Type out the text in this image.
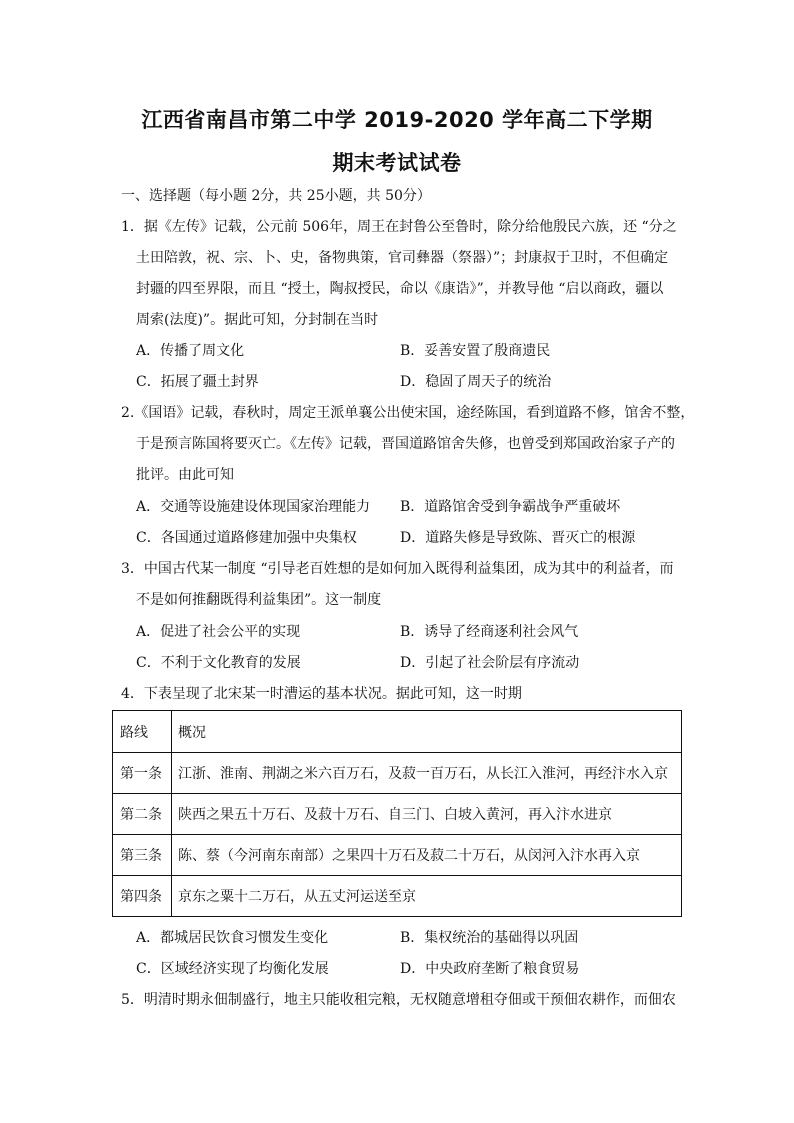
江西省南昌市第二中学 2019-2020 学年高二下学期
期末考试试卷
一、选择题（每小题 2分，共 25小题，共 50分）
1．据《左传》记载，公元前 506年，周王在封鲁公至鲁时，除分给他殷民六族，还 “分之
土田陪敦，祝、宗、卜、史，备物典策，官司彝器（祭器）”；封康叔于卫时，不但确定
封疆的四至界限，而且 “授土，陶叔授民，命以《康诰》”，并教导他 “启以商政，疆以
周索(法度)”。据此可知，分封制在当时
A．传播了周文化	B．妥善安置了殷商遗民
C．拓展了疆土封界	D．稳固了周天子的统治
2.《国语》记载，春秋时，周定王派单襄公出使宋国，途经陈国，看到道路不修，馆舍不整，
于是预言陈国将要灭亡。《左传》记载，晋国道路馆舍失修，也曾受到郑国政治家子产的
批评。由此可知
A．交通等设施建设体现国家治理能力 B．道路馆舍受到争霸战争严重破坏
C．各国通过道路修建加强中央集权	D．道路失修是导致陈、晋灭亡的根源
3．中国古代某一制度 “引导老百姓想的是如何加入既得利益集团，成为其中的利益者，而
不是如何推翻既得利益集团”。这一制度
A．促进了社会公平的实现	B．诱导了经商逐利社会风气
C．不利于文化教育的发展	D．引起了社会阶层有序流动
4．下表呈现了北宋某一时漕运的基本状况。据此可知，这一时期
路线	概况
第一条	江浙、淮南、荆湖之米六百万石，及菽一百万石，从长江入淮河，再经汴水入京
第二条	陕西之果五十万石、及菽十万石、自三门、白坡入黄河，再入汴水进京
第三条	陈、蔡（今河南东南部）之果四十万石及菽二十万石，从闵河入汴水再入京
第四条	京东之粟十二万石，从五丈河运送至京
A．都城居民饮食习惯发生变化	B．集权统治的基础得以巩固
C．区域经济实现了均衡化发展	D．中央政府垄断了粮食贸易
5．明清时期永佃制盛行，地主只能收租完粮，无权随意增租夺佃或干预佃农耕作，而佃农
